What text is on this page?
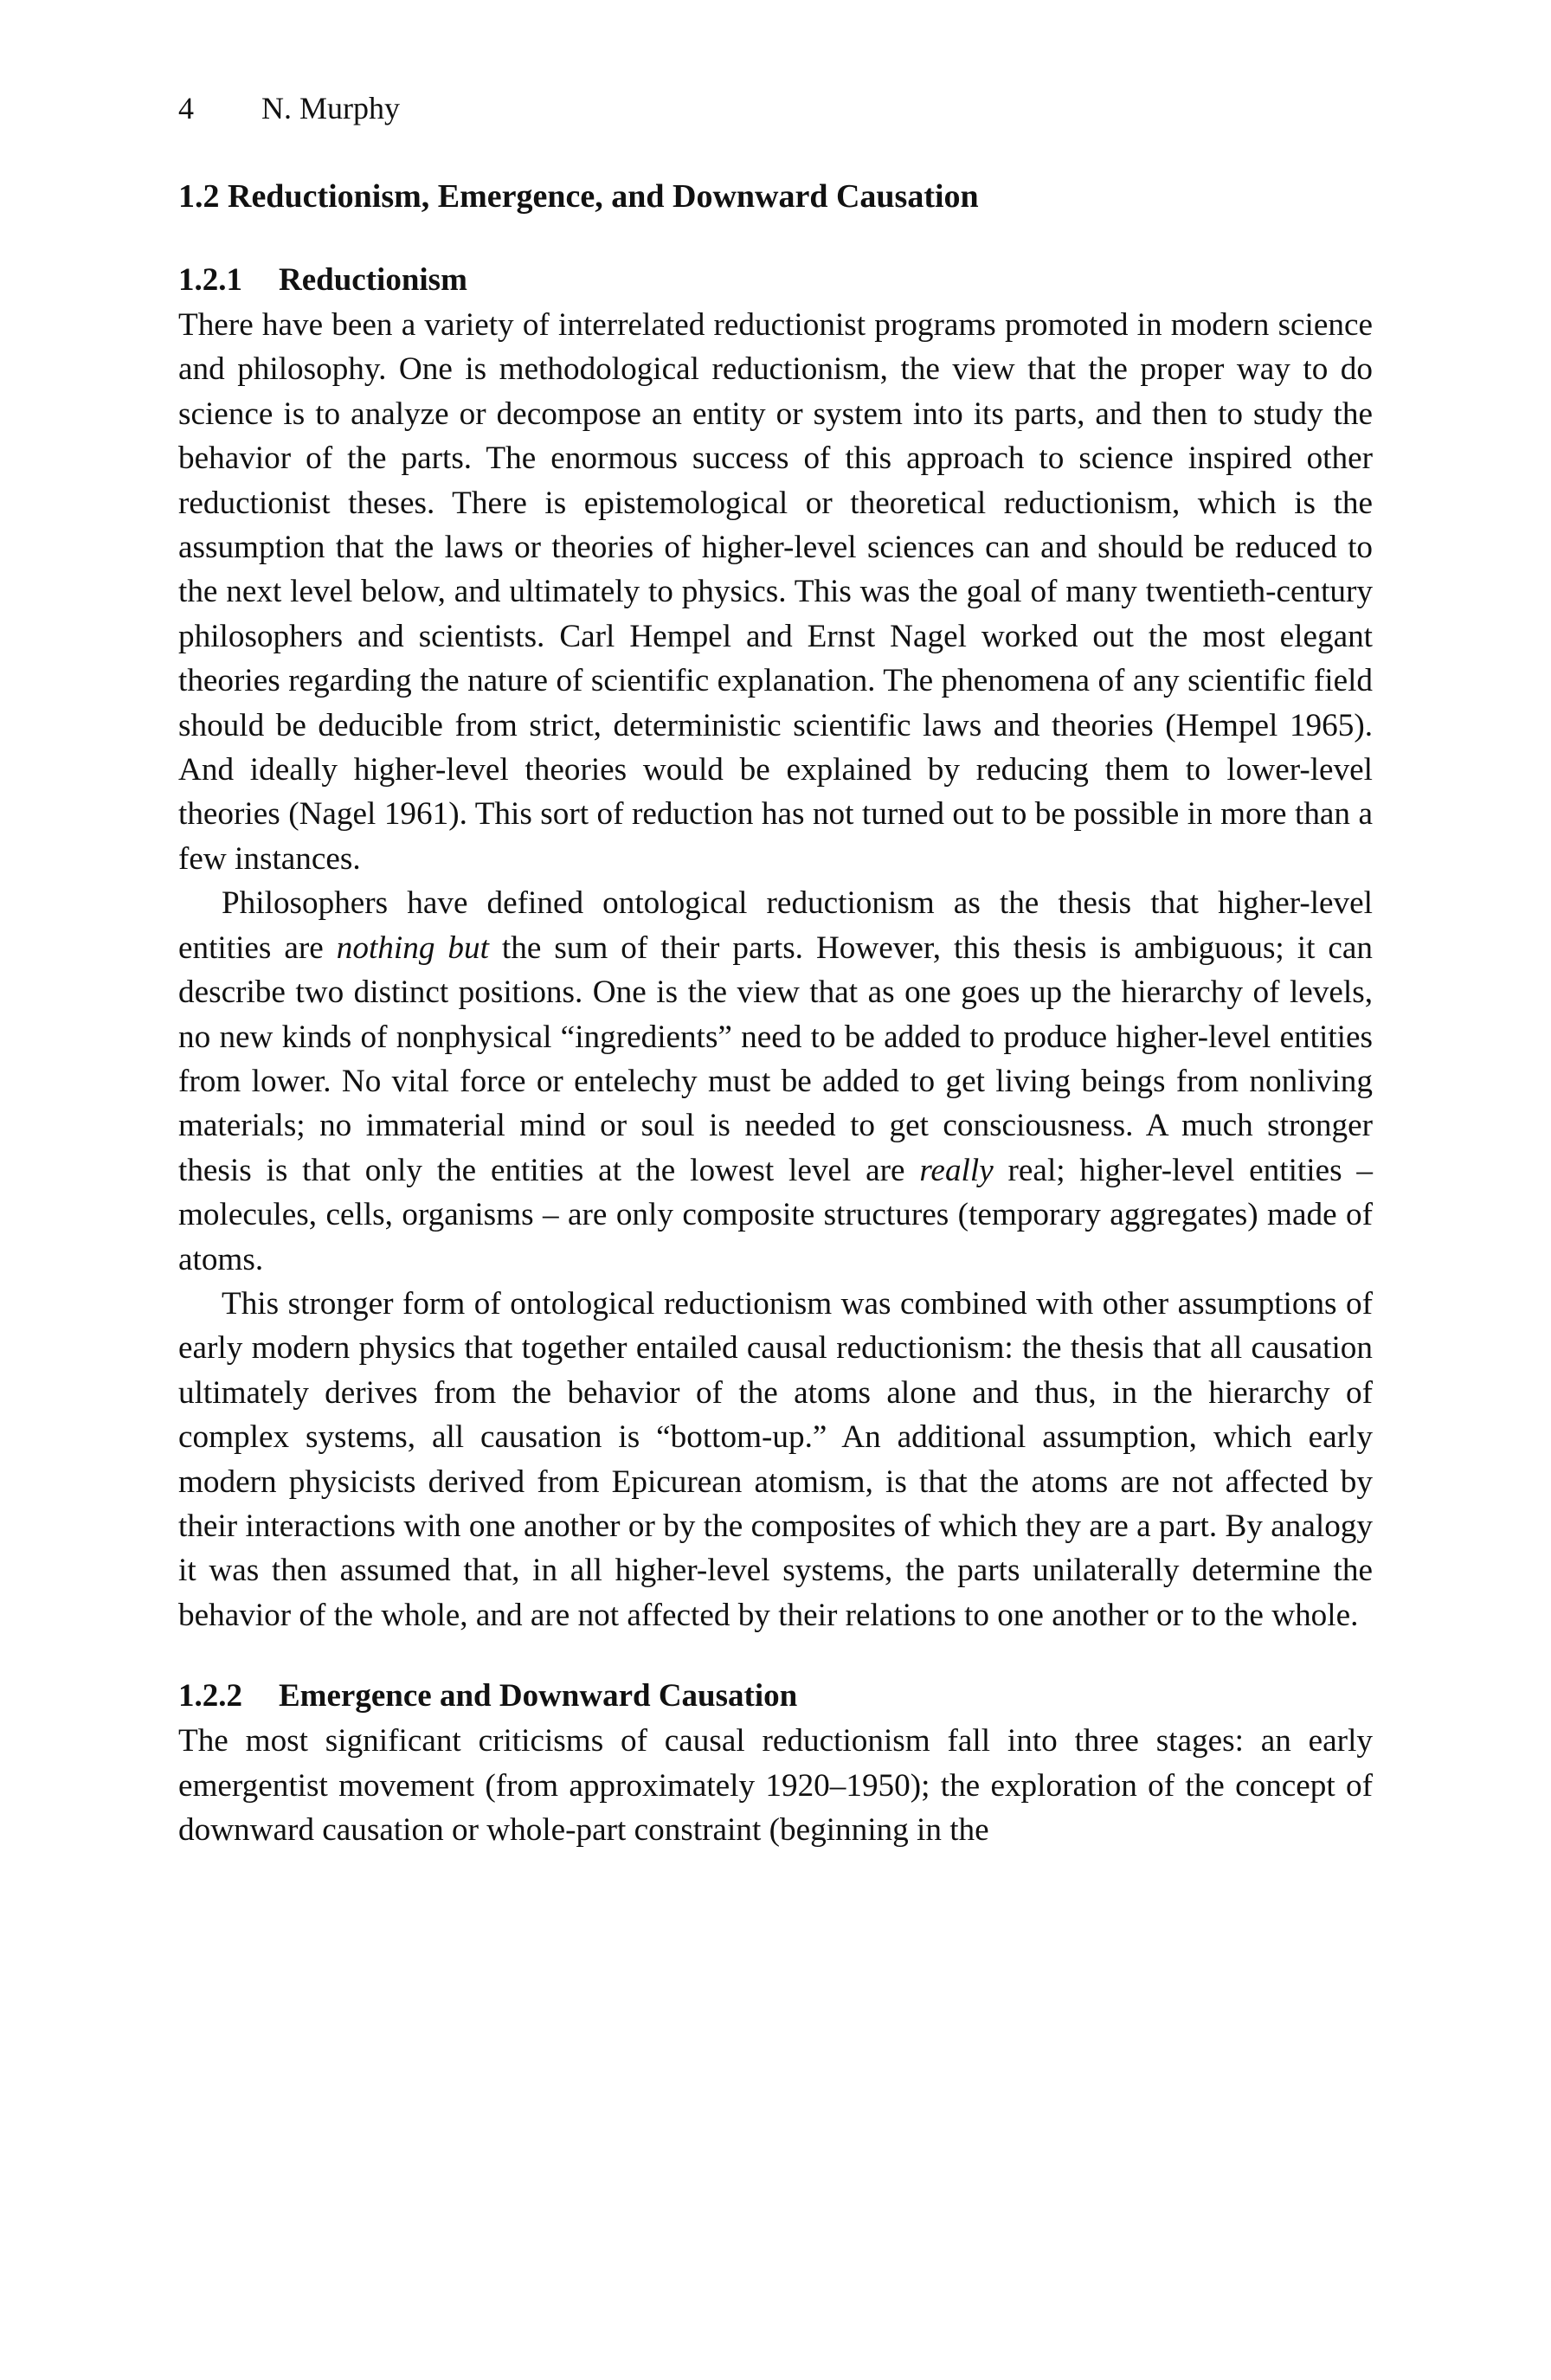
4	N. Murphy
1.2 Reductionism, Emergence, and Downward Causation
1.2.1 Reductionism

There have been a variety of interrelated reductionist programs promoted in modern science and philosophy. One is methodological reductionism, the view that the proper way to do science is to analyze or decompose an entity or system into its parts, and then to study the behavior of the parts. The enormous success of this approach to science inspired other reductionist theses. There is epistemological or theoretical reductionism, which is the assumption that the laws or theories of higher-level sciences can and should be reduced to the next level below, and ultimately to physics. This was the goal of many twentieth-century philosophers and scientists. Carl Hempel and Ernst Nagel worked out the most elegant theories regarding the nature of scientific explanation. The phenomena of any scientific field should be deducible from strict, deterministic scientific laws and theories (Hempel 1965). And ideally higher-level theories would be explained by reducing them to lower-level theories (Nagel 1961). This sort of reduction has not turned out to be possible in more than a few instances.

Philosophers have defined ontological reductionism as the thesis that higher-level entities are nothing but the sum of their parts. However, this thesis is ambiguous; it can describe two distinct positions. One is the view that as one goes up the hierarchy of levels, no new kinds of nonphysical “ingredients” need to be added to produce higher-level entities from lower. No vital force or entelechy must be added to get living beings from nonliving materials; no immaterial mind or soul is needed to get consciousness. A much stronger thesis is that only the entities at the lowest level are really real; higher-level entities – molecules, cells, organisms – are only composite structures (temporary aggregates) made of atoms.

This stronger form of ontological reductionism was combined with other assumptions of early modern physics that together entailed causal reductionism: the thesis that all causation ultimately derives from the behavior of the atoms alone and thus, in the hierarchy of complex systems, all causation is “bottom-up.” An additional assumption, which early modern physicists derived from Epicurean atomism, is that the atoms are not affected by their interactions with one another or by the composites of which they are a part. By analogy it was then assumed that, in all higher-level systems, the parts unilaterally determine the behavior of the whole, and are not affected by their relations to one another or to the whole.

1.2.2 Emergence and Downward Causation

The most significant criticisms of causal reductionism fall into three stages: an early emergentist movement (from approximately 1920–1950); the exploration of the concept of downward causation or whole-part constraint (beginning in the
